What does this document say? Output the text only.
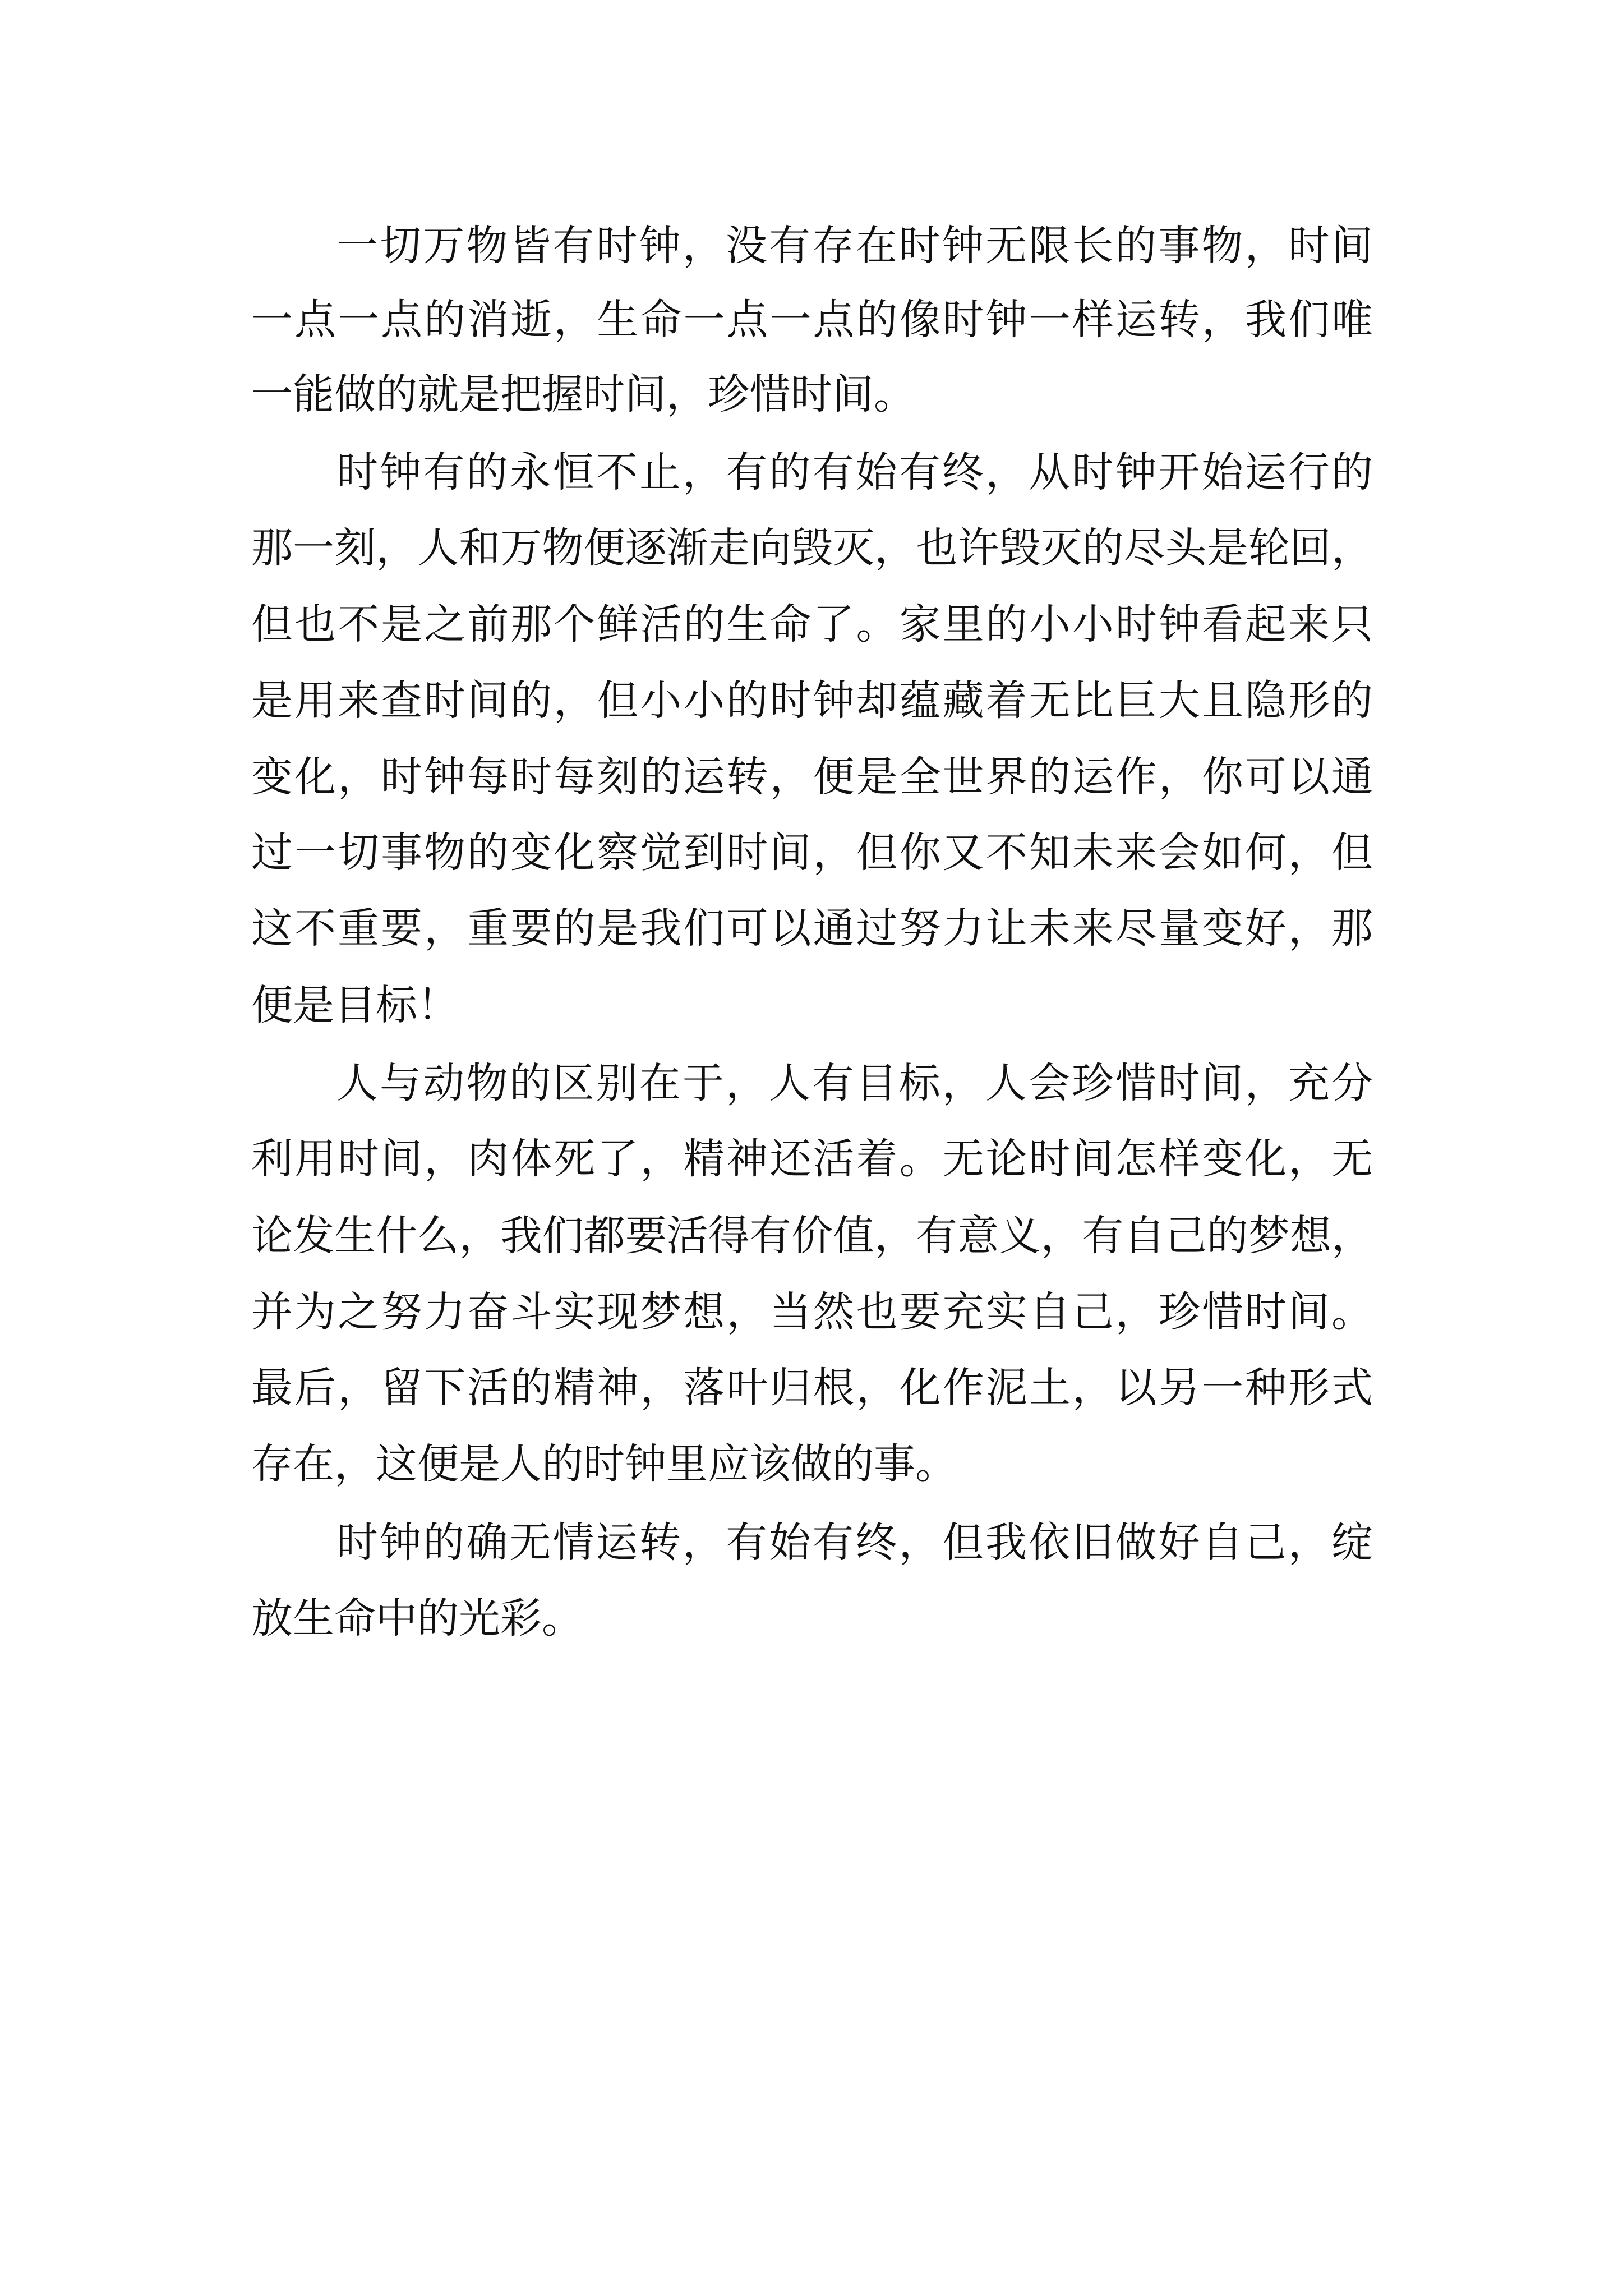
一切万物皆有时钟，没有存在时钟无限长的事物，时间
一点一点的消逝，生命一点一点的像时钟一样运转，我们唯
一能做的就是把握时间，珍惜时间。
时钟有的永恒不止，有的有始有终，从时钟开始运行的
那一刻，人和万物便逐渐走向毁灭，也许毁灭的尽头是轮回，
但也不是之前那个鲜活的生命了。家里的小小时钟看起来只
是用来查时间的，但小小的时钟却蕴藏着无比巨大且隐形的
变化，时钟每时每刻的运转，便是全世界的运作，你可以通
过一切事物的变化察觉到时间，但你又不知未来会如何，但
这不重要，重要的是我们可以通过努力让未来尽量变好，那
便是目标！
人与动物的区别在于，人有目标，人会珍惜时间，充分
利用时间，肉体死了，精神还活着。无论时间怎样变化，无
论发生什么，我们都要活得有价值，有意义，有自己的梦想，
并为之努力奋斗实现梦想，当然也要充实自己，珍惜时间。
最后，留下活的精神，落叶归根，化作泥土，以另一种形式
存在，这便是人的时钟里应该做的事。
时钟的确无情运转，有始有终，但我依旧做好自己，绽
放生命中的光彩。
